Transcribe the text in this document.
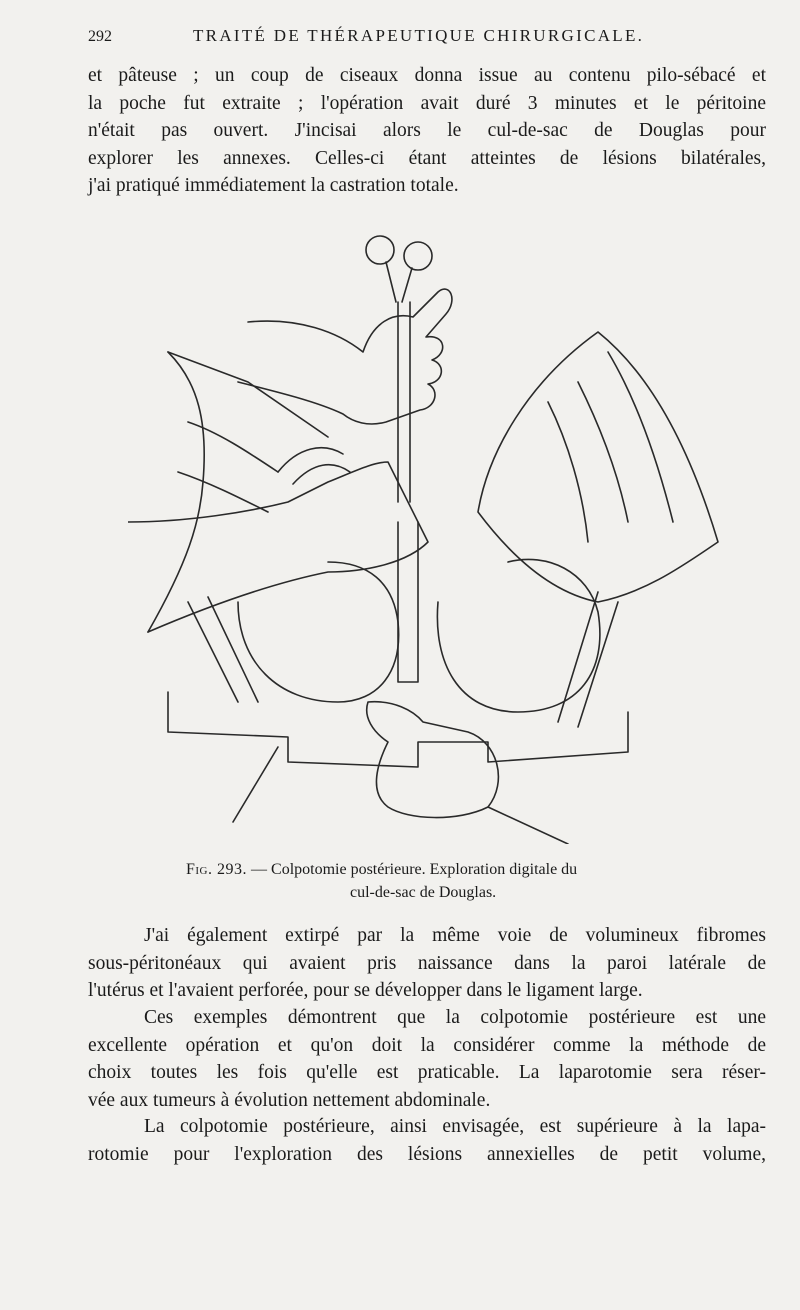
292	TRAITÉ DE THÉRAPEUTIQUE CHIRURGICALE.

et pâteuse ; un coup de ciseaux donna issue au contenu pilo-sébacé et
la poche fut extraite ; l'opération avait duré 3 minutes et le péritoine
n'était pas ouvert. J'incisai alors le cul-de-sac de Douglas pour
explorer les annexes. Celles-ci étant atteintes de lésions bilatérales,
j'ai pratiqué immédiatement la castration totale.

Fig. 293. — Colpotomie postérieure. Exploration digitale du
cul-de-sac de Douglas.

J'ai également extirpé par la même voie de volumineux fibromes
sous-péritonéaux qui avaient pris naissance dans la paroi latérale de
l'utérus et l'avaient perforée, pour se développer dans le ligament large.

Ces exemples démontrent que la colpotomie postérieure est une
excellente opération et qu'on doit la considérer comme la méthode de
choix toutes les fois qu'elle est praticable. La laparotomie sera réser-
vée aux tumeurs à évolution nettement abdominale.

La colpotomie postérieure, ainsi envisagée, est supérieure à la lapa-
rotomie pour l'exploration des lésions annexielles de petit volume,
